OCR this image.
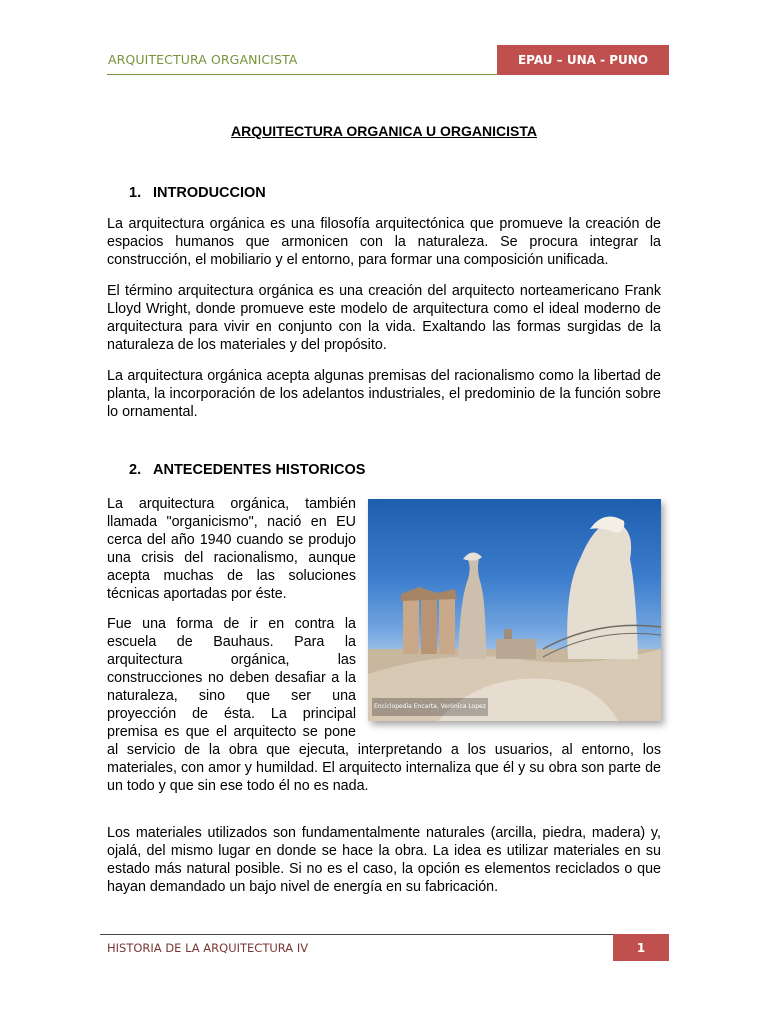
ARQUITECTURA ORGANICISTA	EPAU – UNA - PUNO
ARQUITECTURA ORGANICA U ORGANICISTA
1. INTRODUCCION

La arquitectura orgánica es una filosofía arquitectónica que promueve la creación de espacios humanos que armonicen con la naturaleza. Se procura integrar la construcción, el mobiliario y el entorno, para formar una composición unificada.

El término arquitectura orgánica es una creación del arquitecto norteamericano Frank Lloyd Wright, donde promueve este modelo de arquitectura como el ideal moderno de arquitectura para vivir en conjunto con la vida. Exaltando las formas surgidas de la naturaleza de los materiales y del propósito.

La arquitectura orgánica acepta algunas premisas del racionalismo como la libertad de planta, la incorporación de los adelantos industriales, el predominio de la función sobre lo ornamental.

2. ANTECEDENTES HISTORICOS
Enciclopedia Encarta, Verónica Lopez
La arquitectura orgánica, también llamada "organicismo", nació en EU cerca del año 1940 cuando se produjo una crisis del racionalismo, aunque acepta muchas de las soluciones técnicas aportadas por éste.
Fue una forma de ir en contra la escuela de Bauhaus. Para la arquitectura orgánica, las construcciones no deben desafiar a la naturaleza, sino que ser una proyección de ésta. La principal premisa es que el arquitecto se pone al servicio de la obra que ejecuta, interpretando a los usuarios, al entorno, los materiales, con amor y humildad. El arquitecto internaliza que él y su obra son parte de un todo y que sin ese todo él no es nada.

Los materiales utilizados son fundamentalmente naturales (arcilla, piedra, madera) y, ojalá, del mismo lugar en donde se hace la obra. La idea es utilizar materiales en su estado más natural posible. Si no es el caso, la opción es elementos reciclados o que hayan demandado un bajo nivel de energía en su fabricación.

HISTORIA DE LA ARQUITECTURA IV	1
